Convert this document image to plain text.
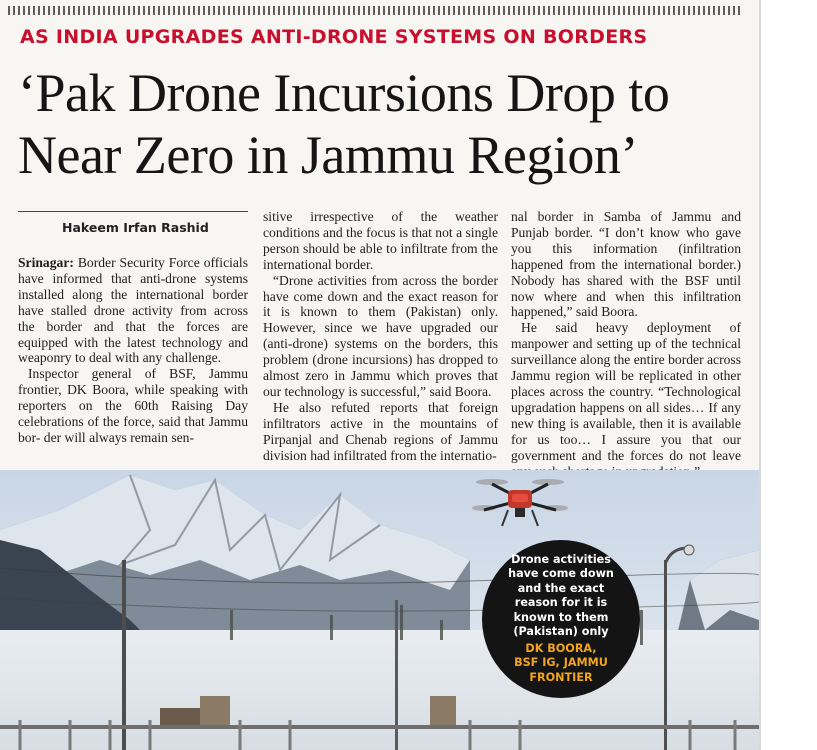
AS INDIA UPGRADES ANTI-DRONE SYSTEMS ON BORDERS
‘Pak Drone Incursions Drop to
Near Zero in Jammu Region’
Hakeem Irfan Rashid

Srinagar: Border Security Force officials have informed that anti-drone systems installed along the international border have stalled drone activity from across the border and that the forces are equipped with the latest technology and weaponry to deal with any challenge.

Inspector general of BSF, Jammu frontier, DK Boora, while speaking with reporters on the 60th Raising Day celebrations of the force, said that Jammu bor- der will always remain sen-

sitive irrespective of the weather conditions and the focus is that not a single person should be able to infiltrate from the international border.

“Drone activities from across the border have come down and the exact reason for it is known to them (Pakistan) only. However, since we have upgraded our (anti-drone) systems on the borders, this problem (drone incursions) has dropped to almost zero in Jammu which proves that our technology is successful,” said Boora.

He also refuted reports that foreign infiltrators active in the mountains of Pirpanjal and Chenab regions of Jammu division had infiltrated from the internatio-

nal border in Samba of Jammu and Punjab border. “I don’t know who gave you this information (infiltration happened from the international border.) Nobody has shared with the BSF until now where and when this infiltration happened,” said Boora.

He said heavy deployment of manpower and setting up of the technical surveillance along the entire border across Jammu region will be replicated in other places across the country. “Technological upgradation happens on all sides… If any new thing is available, then it is available for us too… I assure you that our government and the forces do not leave

Drone activities have come down and the exact reason for it is known to them (Pakistan) only
DK BOORA,
BSF IG, JAMMU FRONTIER
